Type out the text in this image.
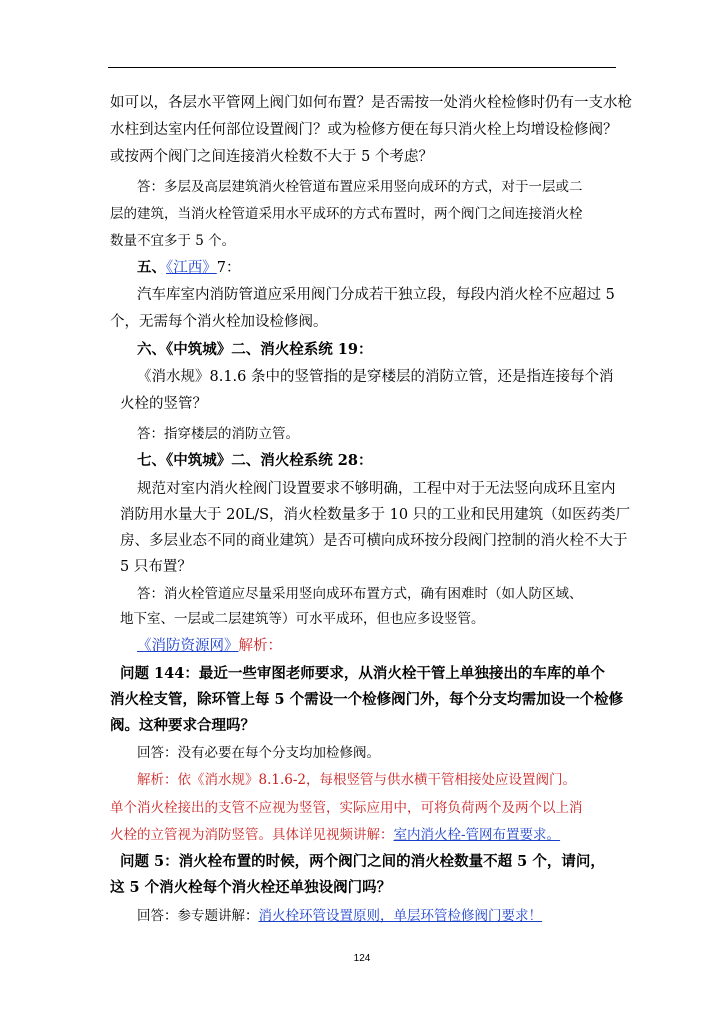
如可以，各层水平管网上阀门如何布置？是否需按一处消火栓检修时仍有一支水枪
水柱到达室内任何部位设置阀门？或为检修方便在每只消火栓上均增设检修阀？
或按两个阀门之间连接消火栓数不大于 5 个考虑？
答：多层及高层建筑消火栓管道布置应采用竖向成环的方式，对于一层或二
层的建筑，当消火栓管道采用水平成环的方式布置时，两个阀门之间连接消火栓
数量不宜多于 5 个。
五、《江西》7：
汽车库室内消防管道应采用阀门分成若干独立段，每段内消火栓不应超过 5
个，无需每个消火栓加设检修阀。
六、《中筑城》二、消火栓系统 19：
《消水规》8.1.6 条中的竖管指的是穿楼层的消防立管，还是指连接每个消
火栓的竖管？
答：指穿楼层的消防立管。
七、《中筑城》二、消火栓系统 28：
规范对室内消火栓阀门设置要求不够明确，工程中对于无法竖向成环且室内
消防用水量大于 20L/S，消火栓数量多于 10 只的工业和民用建筑（如医药类厂
房、多层业态不同的商业建筑）是否可横向成环按分段阀门控制的消火栓不大于
5 只布置？
答：消火栓管道应尽量采用竖向成环布置方式，确有困难时（如人防区域、
地下室、一层或二层建筑等）可水平成环，但也应多设竖管。
《消防资源网》解析：
问题 144：最近一些审图老师要求，从消火栓干管上单独接出的车库的单个
消火栓支管，除环管上每 5 个需设一个检修阀门外，每个分支均需加设一个检修
阀。这种要求合理吗？
回答：没有必要在每个分支均加检修阀。
解析：依《消水规》8.1.6-2，每根竖管与供水横干管相接处应设置阀门。
单个消火栓接出的支管不应视为竖管，实际应用中，可将负荷两个及两个以上消
火栓的立管视为消防竖管。具体详见视频讲解：室内消火栓-管网布置要求。
问题 5：消火栓布置的时候，两个阀门之间的消火栓数量不超 5 个，请问，
这 5 个消火栓每个消火栓还单独设阀门吗？
回答：参专题讲解：消火栓环管设置原则，单层环管检修阀门要求！
124
